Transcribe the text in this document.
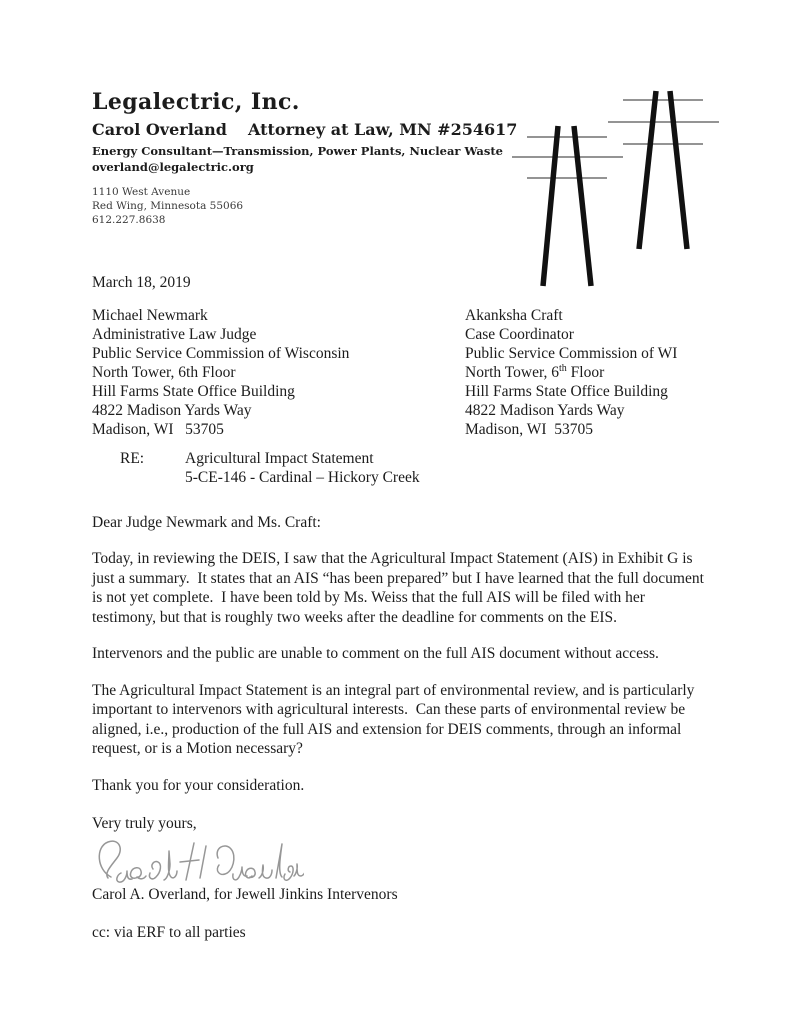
Legalectric, Inc.
Carol Overland	Attorney at Law, MN #254617
Energy Consultant—Transmission, Power Plants, Nuclear Waste
overland@legalectric.org
1110 West Avenue
Red Wing, Minnesota 55066
612.227.8638
March 18, 2019
Michael Newmark
Administrative Law Judge
Public Service Commission of Wisconsin
North Tower, 6th Floor
Hill Farms State Office Building
4822 Madison Yards Way
Madison, WI   53705
Akanksha Craft
Case Coordinator
Public Service Commission of WI
North Tower, 6th Floor
Hill Farms State Office Building
4822 Madison Yards Way
Madison, WI  53705
RE:	Agricultural Impact Statement
5-CE-146 - Cardinal – Hickory Creek
Dear Judge Newmark and Ms. Craft:

Today, in reviewing the DEIS, I saw that the Agricultural Impact Statement (AIS) in Exhibit G is just a summary.  It states that an AIS “has been prepared” but I have learned that the full document is not yet complete.  I have been told by Ms. Weiss that the full AIS will be filed with her testimony, but that is roughly two weeks after the deadline for comments on the EIS.

Intervenors and the public are unable to comment on the full AIS document without access.

The Agricultural Impact Statement is an integral part of environmental review, and is particularly important to intervenors with agricultural interests.  Can these parts of environmental review be aligned, i.e., production of the full AIS and extension for DEIS comments, through an informal request, or is a Motion necessary?

Thank you for your consideration.

Very truly yours,
Carol A. Overland, for Jewell Jinkins Intervenors
cc: via ERF to all parties
